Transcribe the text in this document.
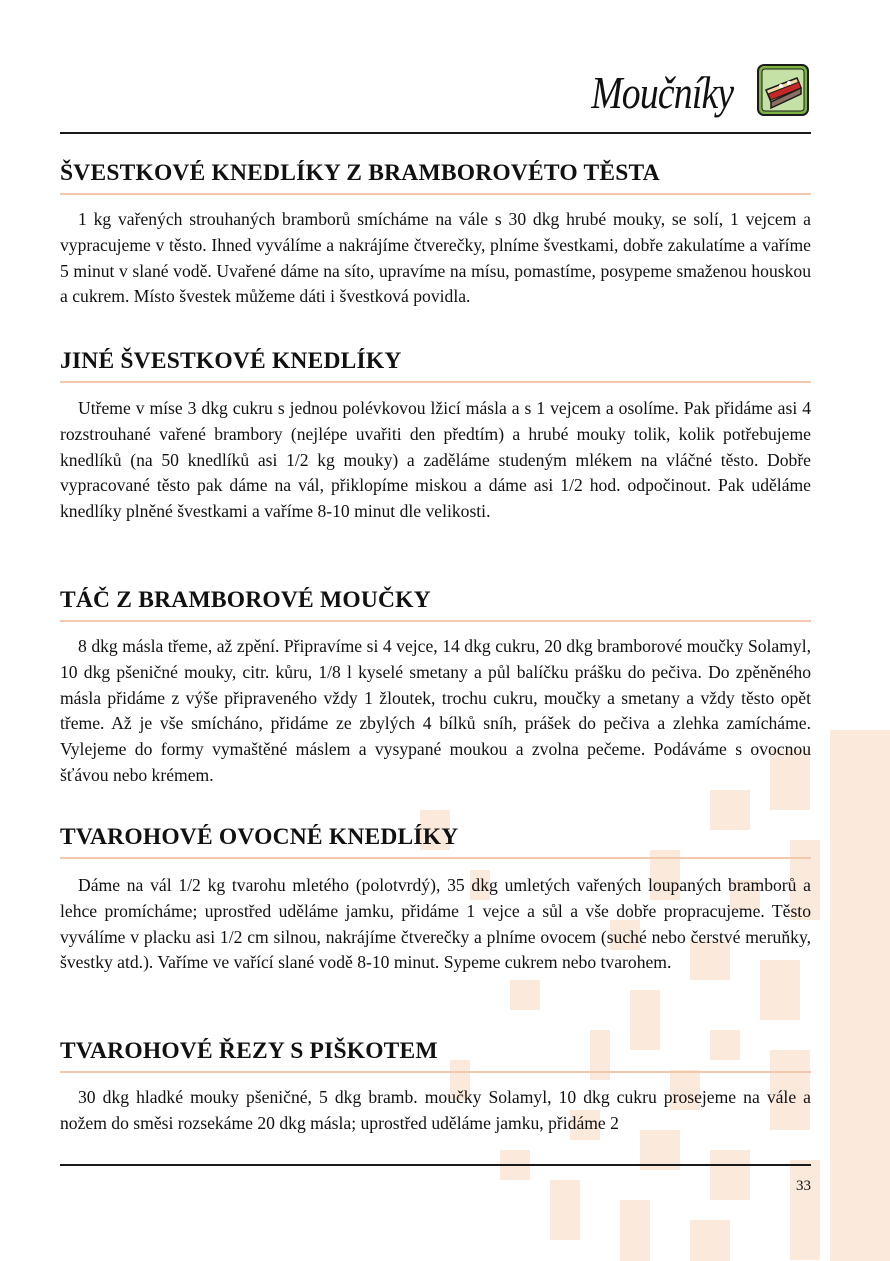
Moučníky
ŠVESTKOVÉ KNEDLÍKY Z BRAMBOROVÉTO TĚSTA
1 kg vařených strouhaných bramborů smícháme na vále s 30 dkg hrubé mouky, se solí, 1 vejcem a vypracujeme v těsto. Ihned vyválíme a nakrájíme čtverečky, plníme švestkami, dobře zakulatíme a vaříme 5 minut v slané vodě. Uvařené dáme na síto, upravíme na mísu, pomastíme, posypeme smaženou houskou a cukrem. Místo švestek můžeme dáti i švestková povidla.
JINÉ ŠVESTKOVÉ KNEDLÍKY
Utřeme v míse 3 dkg cukru s jednou polévkovou lžicí másla a s 1 vejcem a osolíme. Pak přidáme asi 4 rozstrouhané vařené brambory (nejlépe uvařiti den předtím) a hrubé mouky tolik, kolik potřebujeme knedlíků (na 50 knedlíků asi 1/2 kg mouky) a zaděláme studeným mlékem na vláčné těsto. Dobře vypracované těsto pak dáme na vál, přiklopíme miskou a dáme asi 1/2 hod. odpočinout. Pak uděláme knedlíky plněné švestkami a vaříme 8-10 minut dle velikosti.
TÁČ Z BRAMBOROVÉ MOUČKY
8 dkg másla třeme, až zpění. Připravíme si 4 vejce, 14 dkg cukru, 20 dkg bramborové moučky Solamyl, 10 dkg pšeničné mouky, citr. kůru, 1/8 l kyselé smetany a půl balíčku prášku do pečiva. Do zpěněného másla přidáme z výše připraveného vždy 1 žloutek, trochu cukru, moučky a smetany a vždy těsto opět třeme. Až je vše smícháno, přidáme ze zbylých 4 bílků sníh, prášek do pečiva a zlehka zamícháme. Vylejeme do formy vymaštěné máslem a vysypané moukou a zvolna pečeme. Podáváme s ovocnou šťávou nebo krémem.
TVAROHOVÉ OVOCNÉ KNEDLÍKY
Dáme na vál 1/2 kg tvarohu mletého (polotvrdý), 35 dkg umletých vařených loupaných bramborů a lehce promícháme; uprostřed uděláme jamku, přidáme 1 vejce a sůl a vše dobře propracujeme. Těsto vyválíme v placku asi 1/2 cm silnou, nakrájíme čtverečky a plníme ovocem (suché nebo čerstvé meruňky, švestky atd.). Vaříme ve vařící slané vodě 8-10 minut. Sypeme cukrem nebo tvarohem.
TVAROHOVÉ ŘEZY S PIŠKOTEM
30 dkg hladké mouky pšeničné, 5 dkg bramb. moučky Solamyl, 10 dkg cukru prosejeme na vále a nožem do směsi rozsekáme 20 dkg másla; uprostřed uděláme jamku, přidáme 2
33
